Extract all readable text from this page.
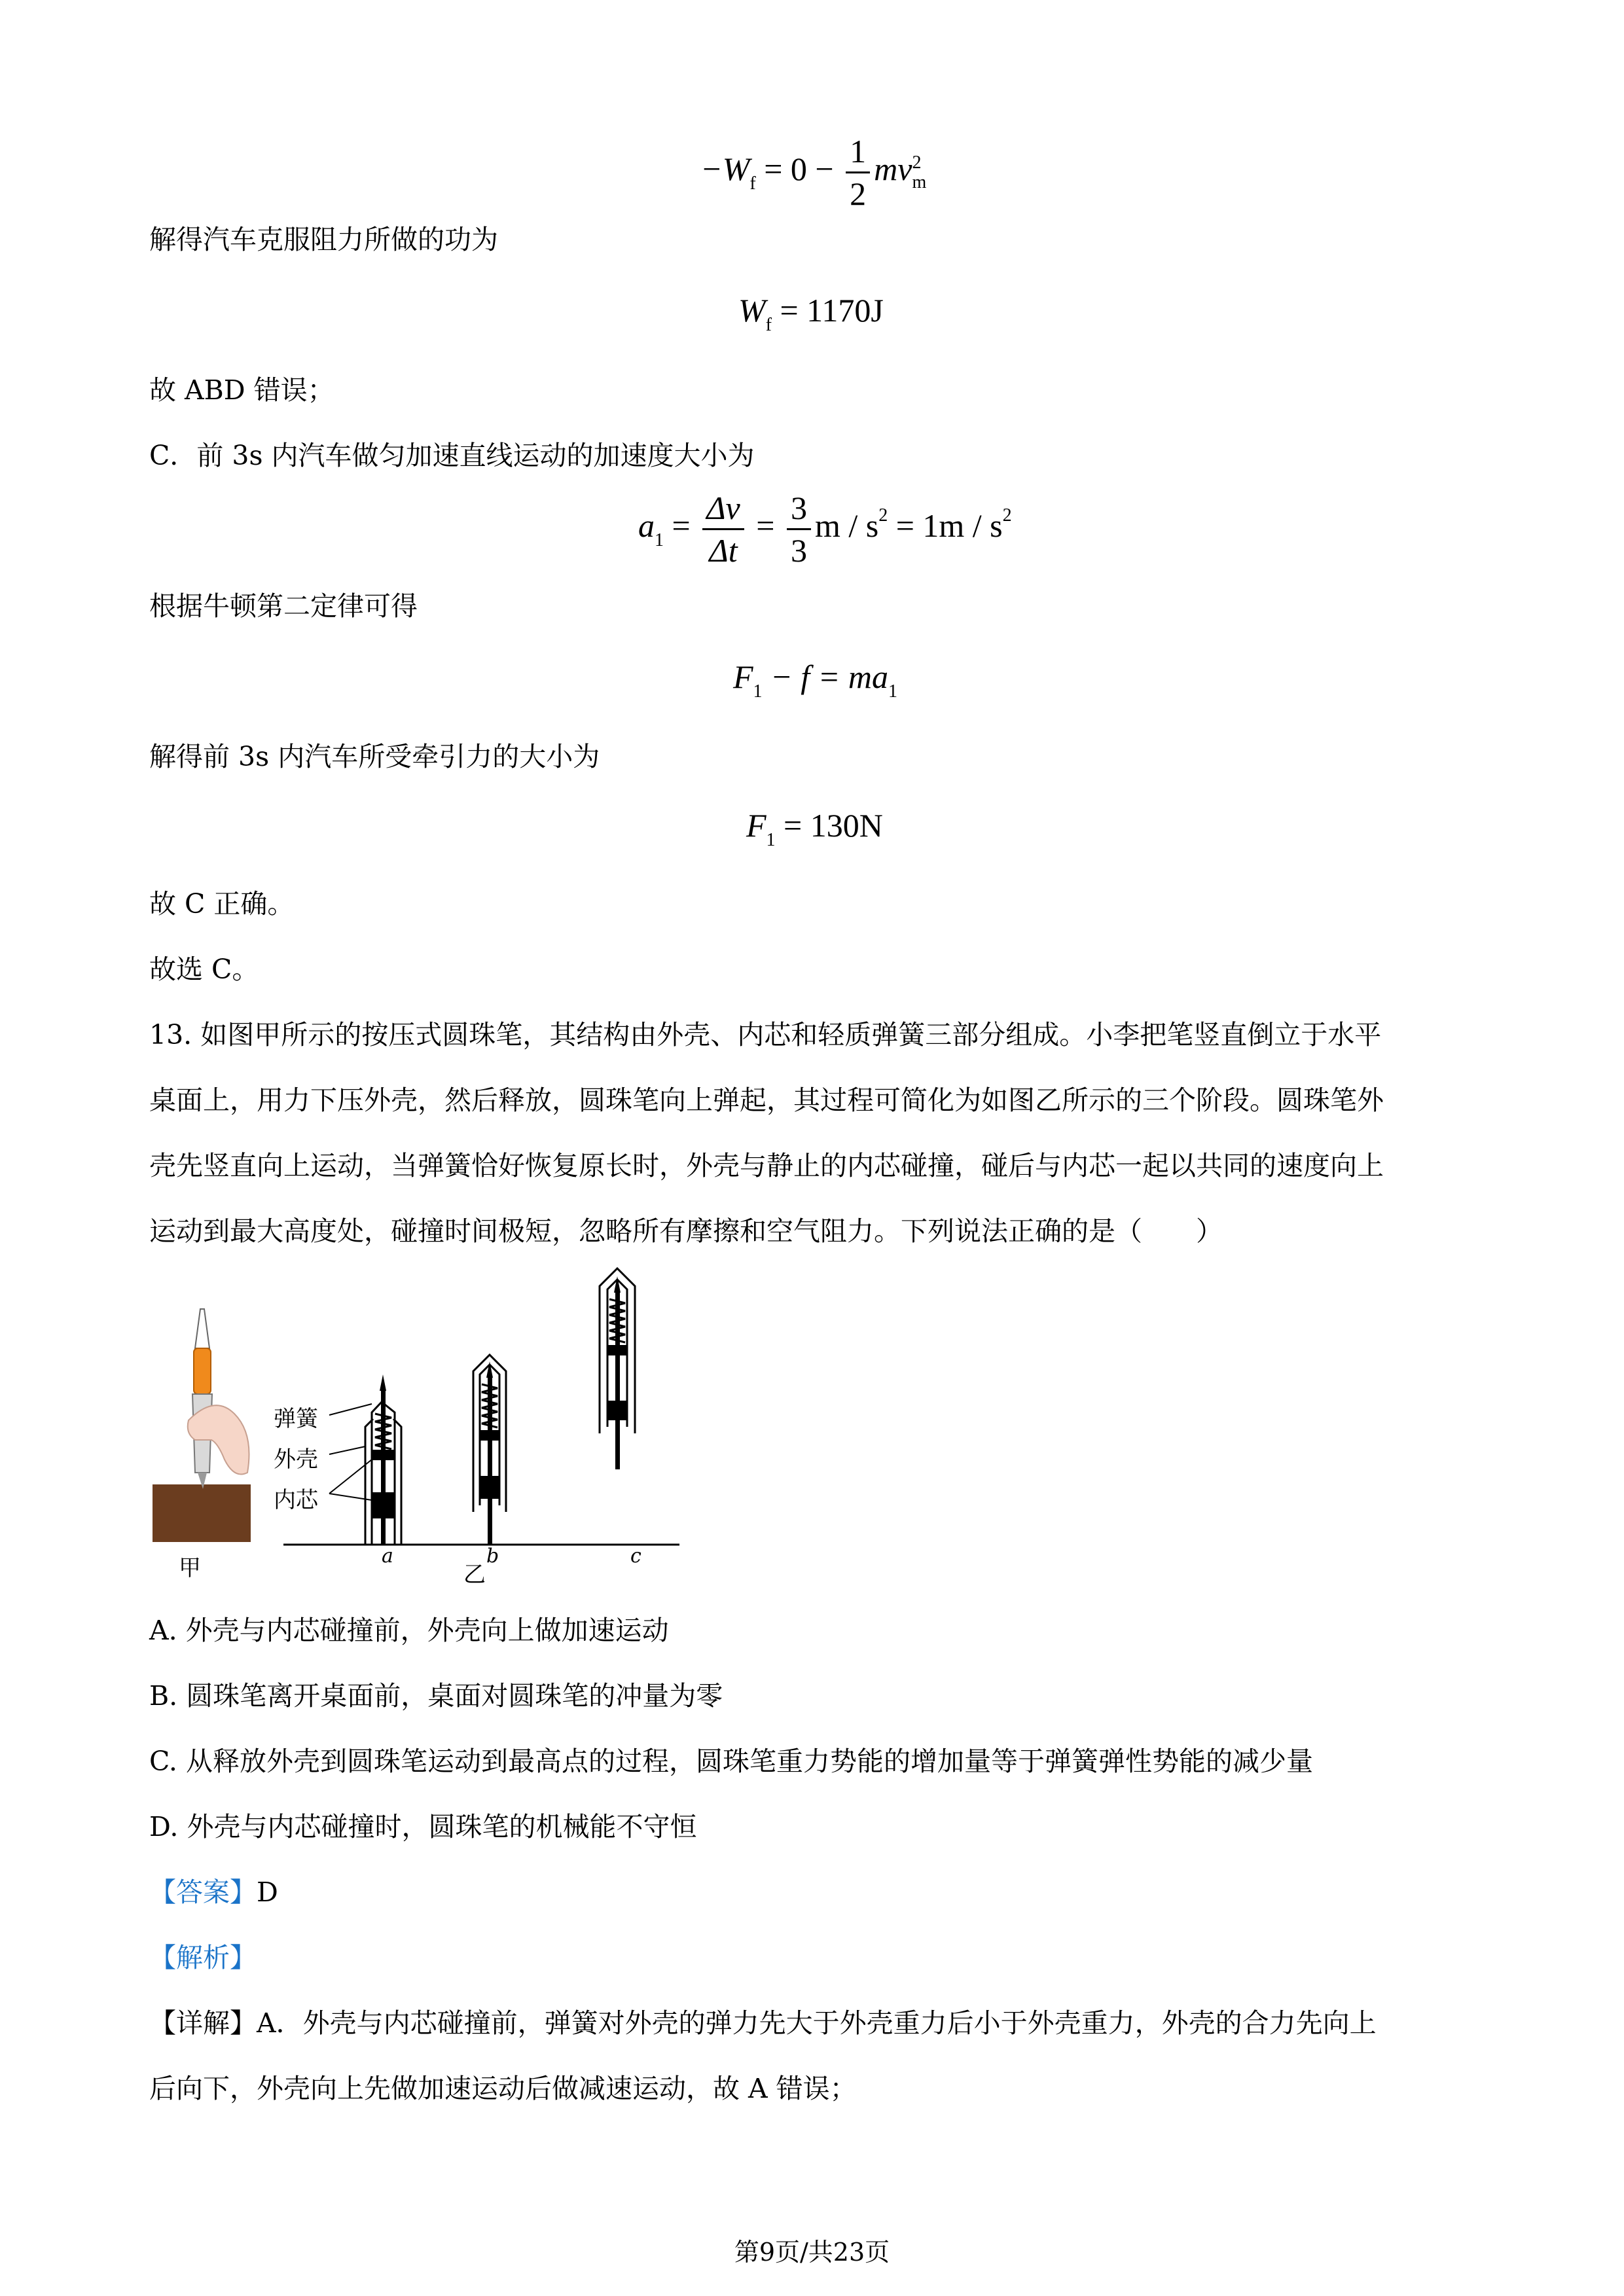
$-W_f = 0 - \frac{1}{2}$ mv 2
m
解得汽车克服阻力所做的功为
$W_f = 1170J$
故 ABD 错误；
C．前 3s 内汽车做匀加速直线运动的加速度大小为
$a_1 = \frac{\Delta v}{\Delta t} = \frac{3}{3}$ $m / s^2 = 1m / s^2$
根据牛顿第二定律可得
$F_1 - f = ma_1$
解得前 3s 内汽车所受牵引力的大小为
$F_1 = 130N$
故 C 正确。
故选 C。
13. 如图甲所示的按压式圆珠笔，其结构由外壳、内芯和轻质弹簧三部分组成。小李把笔竖直倒立于水平
桌面上，用力下压外壳，然后释放，圆珠笔向上弹起，其过程可简化为如图乙所示的三个阶段。圆珠笔外
壳先竖直向上运动，当弹簧恰好恢复原长时，外壳与静止的内芯碰撞，碰后与内芯一起以共同的速度向上
运动到最大高度处，碰撞时间极短，忽略所有摩擦和空气阻力。下列说法正确的是（　　）
弹簧
外壳
内芯
甲	乙
a	b	c
A. 外壳与内芯碰撞前，外壳向上做加速运动
B. 圆珠笔离开桌面前，桌面对圆珠笔的冲量为零
C. 从释放外壳到圆珠笔运动到最高点的过程，圆珠笔重力势能的增加量等于弹簧弹性势能的减少量
D. 外壳与内芯碰撞时，圆珠笔的机械能不守恒
【答案】D
【解析】
【详解】A．外壳与内芯碰撞前，弹簧对外壳的弹力先大于外壳重力后小于外壳重力，外壳的合力先向上
后向下，外壳向上先做加速运动后做减速运动，故 A 错误；
第9页/共23页
